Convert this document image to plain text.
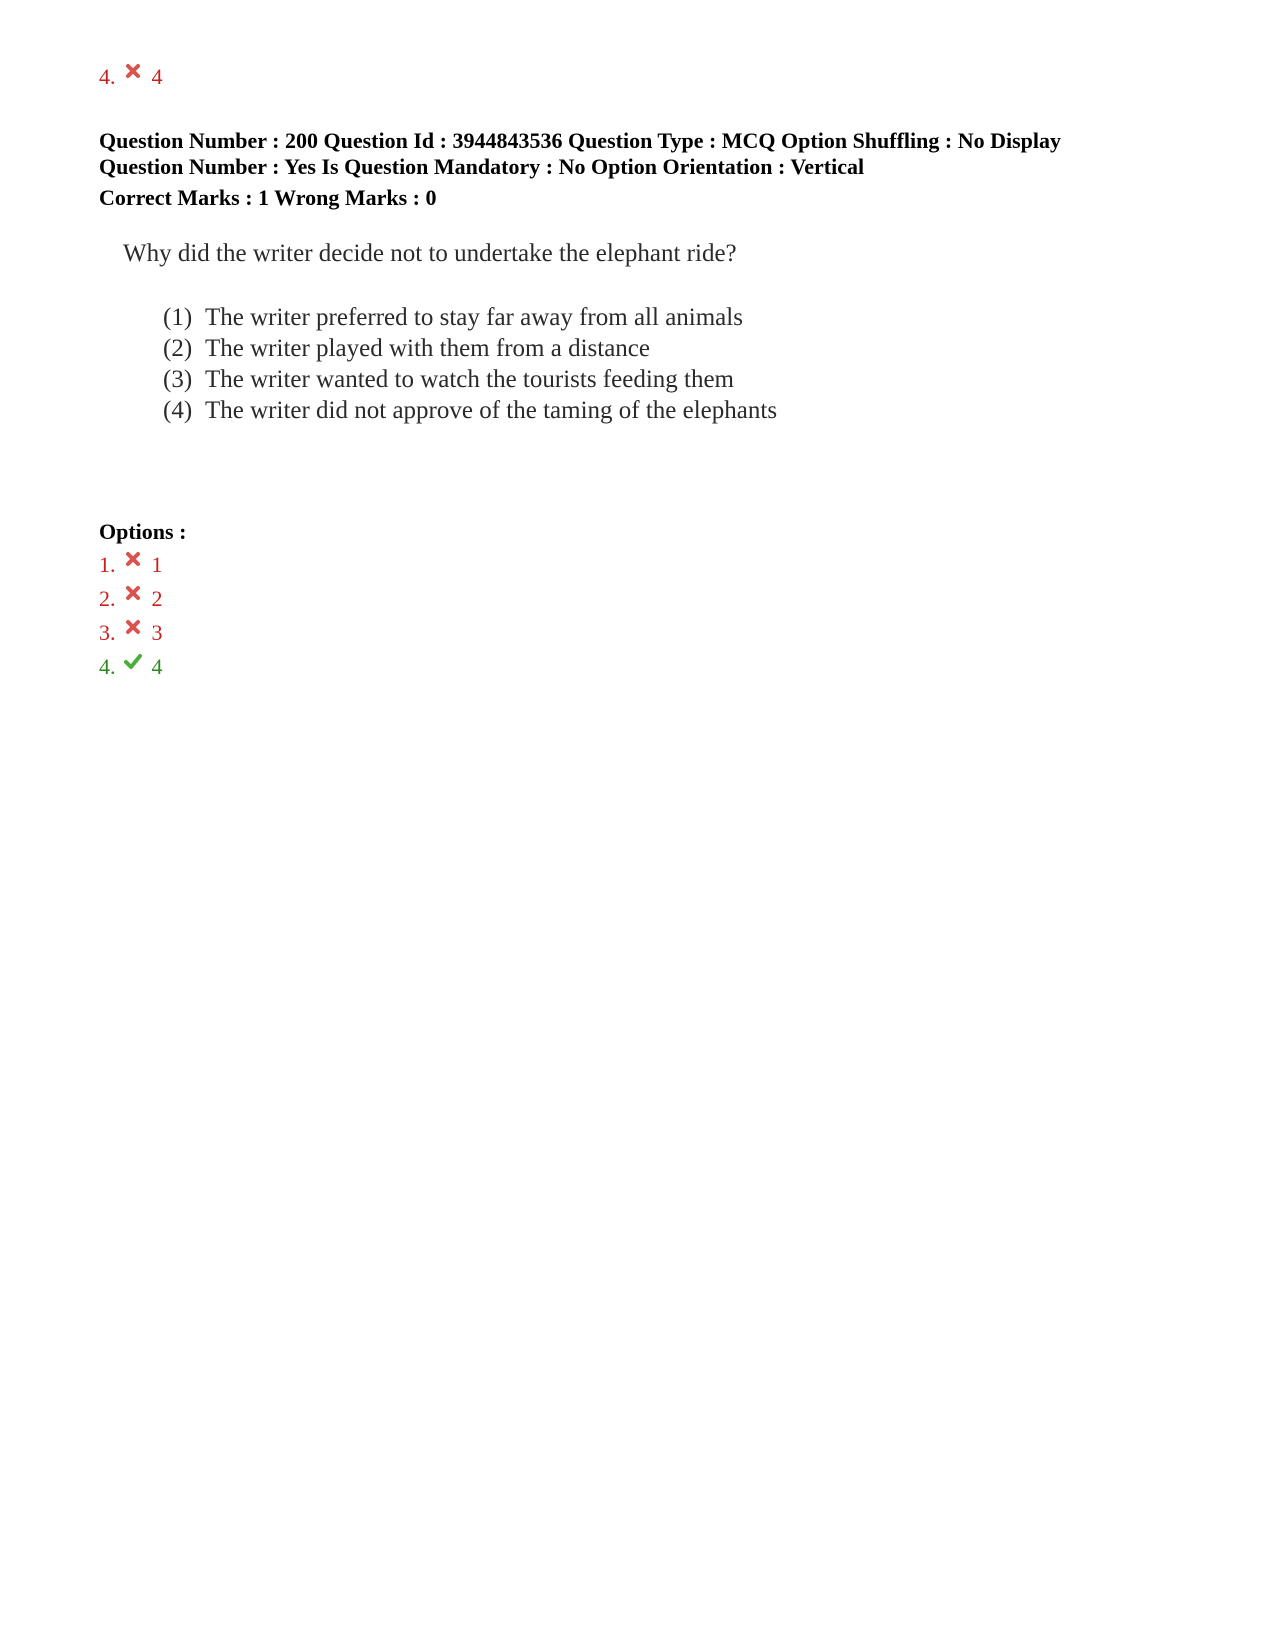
4. 4
Question Number : 200 Question Id : 3944843536 Question Type : MCQ Option Shuffling : No Display
Question Number : Yes Is Question Mandatory : No Option Orientation : Vertical
Correct Marks : 1 Wrong Marks : 0
Why did the writer decide not to undertake the elephant ride?
(1) The writer preferred to stay far away from all animals
(2) The writer played with them from a distance
(3) The writer wanted to watch the tourists feeding them
(4) The writer did not approve of the taming of the elephants
Options :
1. 1
2. 2
3. 3
4. 4
